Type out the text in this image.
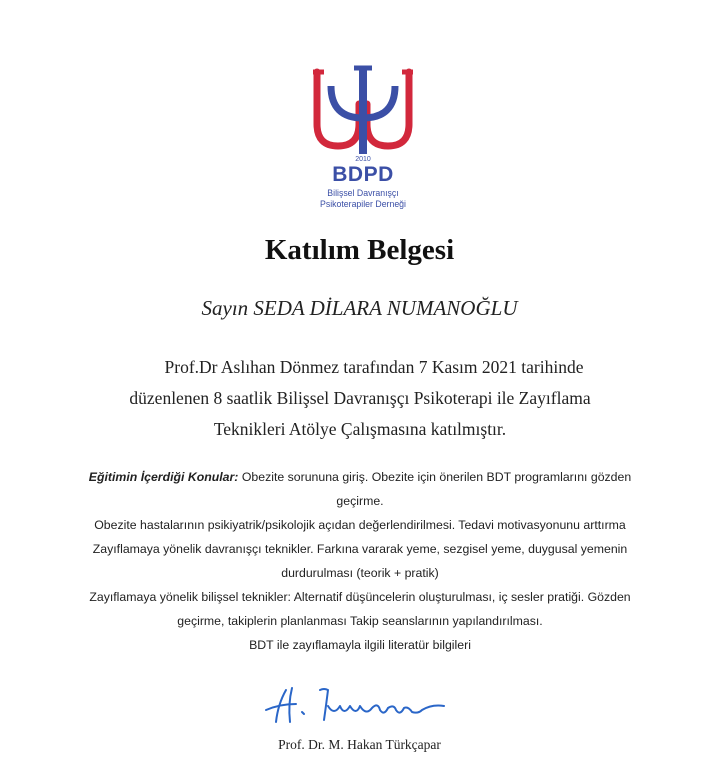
2010
BDPD
Bilişsel Davranışçı
Psikoterapiler Derneği
Katılım Belgesi
Sayın SEDA DİLARA NUMANOĞLU
Prof.Dr Aslıhan Dönmez tarafından 7 Kasım 2021 tarihinde düzenlenen 8 saatlik Bilişsel Davranışçı Psikoterapi ile Zayıflama Teknikleri Atölye Çalışmasına katılmıştır.
Eğitimin İçerdiği Konular: Obezite sorununa giriş. Obezite için önerilen BDT programlarını gözden geçirme.
Obezite hastalarının psikiyatrik/psikolojik açıdan değerlendirilmesi. Tedavi motivasyonunu arttırma
Zayıflamaya yönelik davranışçı teknikler. Farkına vararak yeme, sezgisel yeme, duygusal yemenin durdurulması (teorik + pratik)
Zayıflamaya yönelik bilişsel teknikler: Alternatif düşüncelerin oluşturulması, iç sesler pratiği. Gözden geçirme, takiplerin planlanması Takip seanslarının yapılandırılması.
BDT ile zayıflamayla ilgili literatür bilgileri
Prof. Dr. M. Hakan Türkçapar
